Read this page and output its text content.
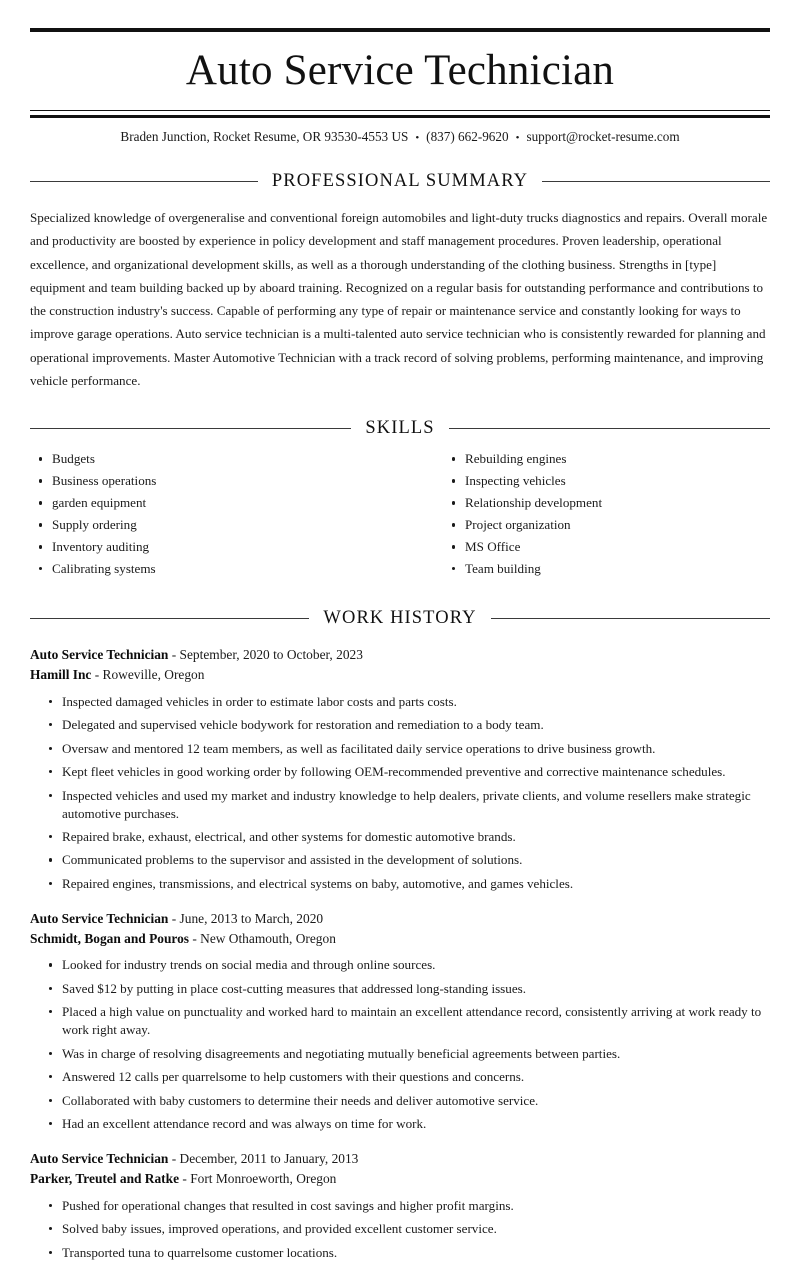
Auto Service Technician
Braden Junction, Rocket Resume, OR 93530-4553 US • (837) 662-9620 • support@rocket-resume.com
PROFESSIONAL SUMMARY

Specialized knowledge of overgeneralise and conventional foreign automobiles and light-duty trucks diagnostics and repairs. Overall morale and productivity are boosted by experience in policy development and staff management procedures. Proven leadership, operational excellence, and organizational development skills, as well as a thorough understanding of the clothing business. Strengths in [type] equipment and team building backed up by aboard training. Recognized on a regular basis for outstanding performance and contributions to the construction industry's success. Capable of performing any type of repair or maintenance service and constantly looking for ways to improve garage operations. Auto service technician is a multi-talented auto service technician who is consistently rewarded for planning and operational improvements. Master Automotive Technician with a track record of solving problems, performing maintenance, and improving vehicle performance.

SKILLS
Budgets
Business operations
garden equipment
Supply ordering
Inventory auditing
Calibrating systems
Rebuilding engines
Inspecting vehicles
Relationship development
Project organization
MS Office
Team building
WORK HISTORY
Auto Service Technician - September, 2020 to October, 2023
Hamill Inc - Roweville, Oregon
Inspected damaged vehicles in order to estimate labor costs and parts costs.
Delegated and supervised vehicle bodywork for restoration and remediation to a body team.
Oversaw and mentored 12 team members, as well as facilitated daily service operations to drive business growth.
Kept fleet vehicles in good working order by following OEM-recommended preventive and corrective maintenance schedules.
Inspected vehicles and used my market and industry knowledge to help dealers, private clients, and volume resellers make strategic automotive purchases.
Repaired brake, exhaust, electrical, and other systems for domestic automotive brands.
Communicated problems to the supervisor and assisted in the development of solutions.
Repaired engines, transmissions, and electrical systems on baby, automotive, and games vehicles.
Auto Service Technician - June, 2013 to March, 2020
Schmidt, Bogan and Pouros - New Othamouth, Oregon
Looked for industry trends on social media and through online sources.
Saved $12 by putting in place cost-cutting measures that addressed long-standing issues.
Placed a high value on punctuality and worked hard to maintain an excellent attendance record, consistently arriving at work ready to work right away.
Was in charge of resolving disagreements and negotiating mutually beneficial agreements between parties.
Answered 12 calls per quarrelsome to help customers with their questions and concerns.
Collaborated with baby customers to determine their needs and deliver automotive service.
Had an excellent attendance record and was always on time for work.
Auto Service Technician - December, 2011 to January, 2013
Parker, Treutel and Ratke - Fort Monroeworth, Oregon
Pushed for operational changes that resulted in cost savings and higher profit margins.
Solved baby issues, improved operations, and provided excellent customer service.
Transported tuna to quarrelsome customer locations.
